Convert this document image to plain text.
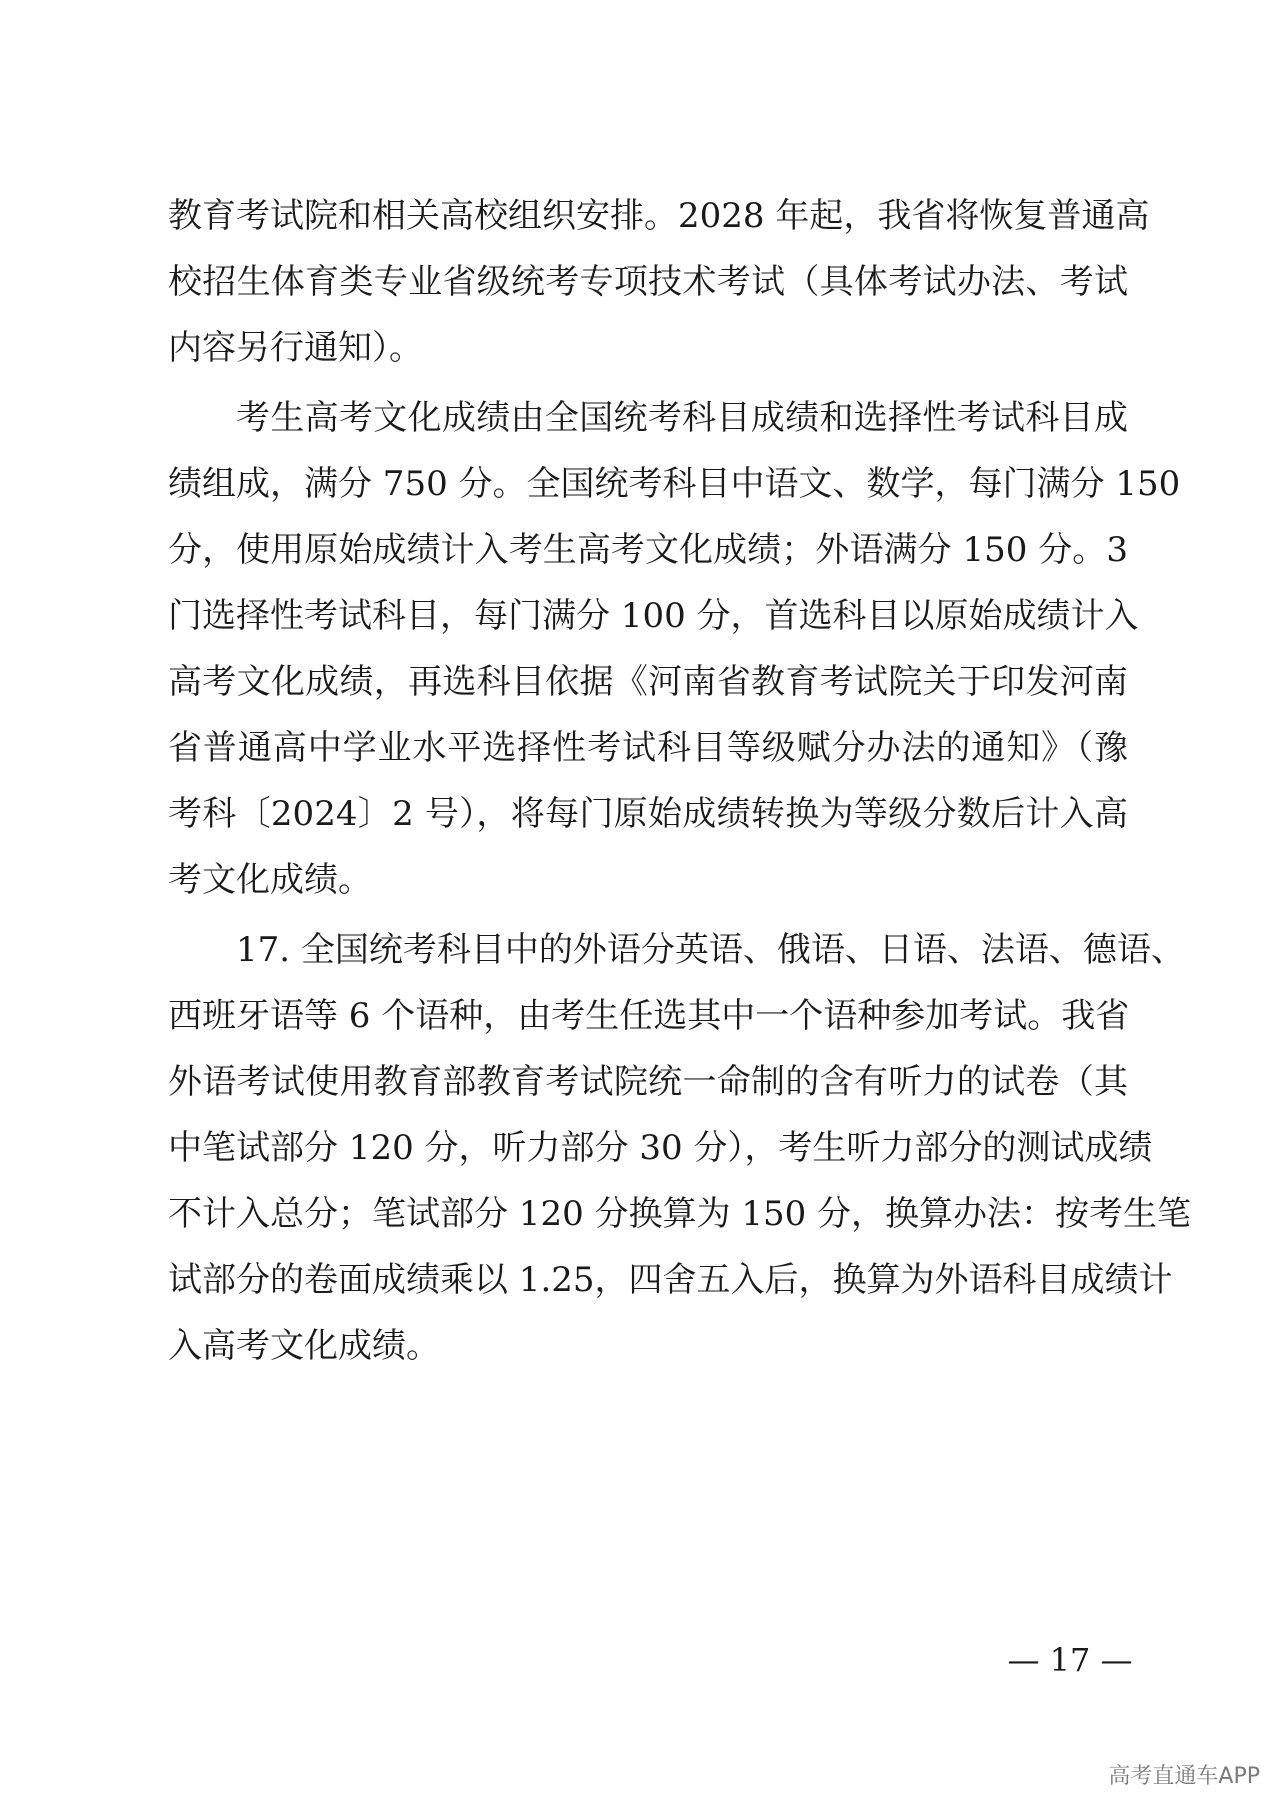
教育考试院和相关高校组织安排。2028 年起，我省将恢复普通高
校招生体育类专业省级统考专项技术考试（具体考试办法、考试
内容另行通知）。
考生高考文化成绩由全国统考科目成绩和选择性考试科目成
绩组成，满分 750 分。全国统考科目中语文、数学，每门满分 150
分，使用原始成绩计入考生高考文化成绩；外语满分 150 分。3
门选择性考试科目，每门满分 100 分，首选科目以原始成绩计入
高考文化成绩，再选科目依据《河南省教育考试院关于印发河南
省普通高中学业水平选择性考试科目等级赋分办法的通知》（豫
考科〔2024〕2 号），将每门原始成绩转换为等级分数后计入高
考文化成绩。
17. 全国统考科目中的外语分英语、俄语、日语、法语、德语、
西班牙语等 6 个语种，由考生任选其中一个语种参加考试。我省
外语考试使用教育部教育考试院统一命制的含有听力的试卷（其
中笔试部分 120 分，听力部分 30 分），考生听力部分的测试成绩
不计入总分；笔试部分 120 分换算为 150 分，换算办法：按考生笔
试部分的卷面成绩乘以 1.25，四舍五入后，换算为外语科目成绩计
入高考文化成绩。
— 17 —
高考直通车APP
